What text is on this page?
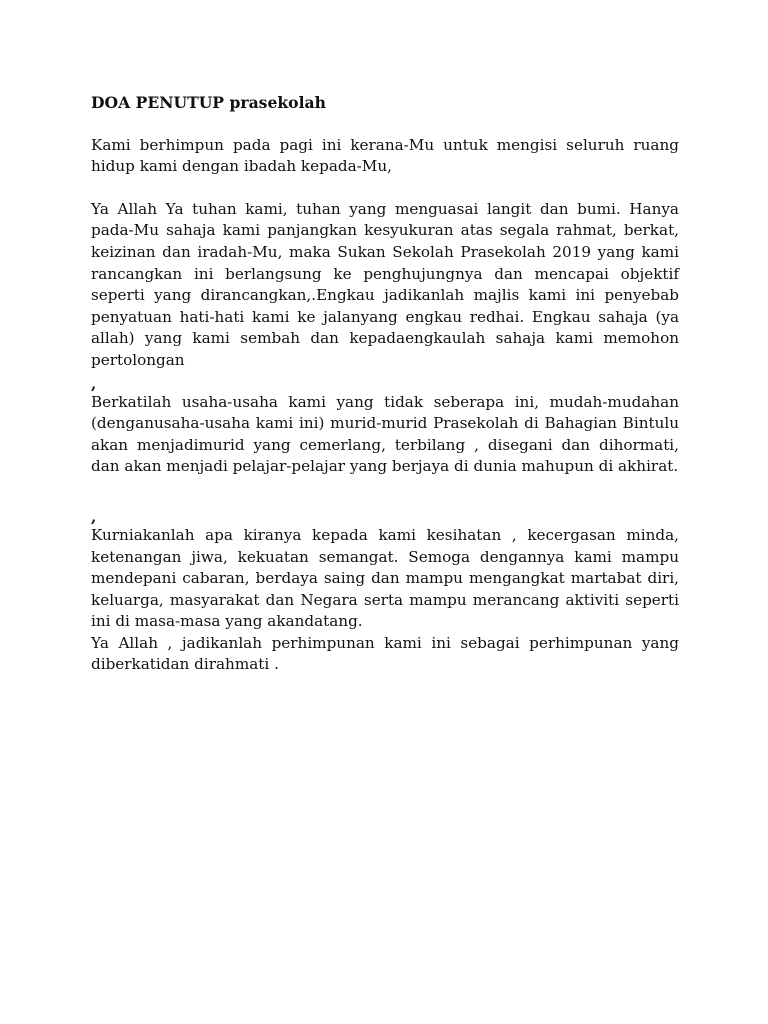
DOA PENUTUP prasekolah

Kami berhimpun pada pagi ini kerana-Mu untuk mengisi seluruh ruang hidup kami dengan ibadah kepada-Mu,

Ya Allah Ya tuhan kami, tuhan yang menguasai langit dan bumi. Hanya pada-Mu sahaja kami panjangkan kesyukuran atas segala rahmat, berkat, keizinan dan iradah-Mu, maka Sukan Sekolah Prasekolah 2019 yang kami rancangkan ini berlangsung ke penghujungnya dan mencapai objektif seperti yang dirancangkan,.Engkau jadikanlah majlis kami ini penyebab penyatuan hati-hati kami ke jalanyang engkau redhai. Engkau sahaja (ya allah) yang kami sembah dan kepadaengkaulah sahaja kami memohon pertolongan

,

Berkatilah usaha-usaha kami yang tidak seberapa ini, mudah-mudahan (denganusaha-usaha kami ini) murid-murid Prasekolah di Bahagian Bintulu akan menjadimurid yang cemerlang, terbilang , disegani dan dihormati, dan akan menjadi pelajar-pelajar yang berjaya di dunia mahupun di akhirat.

,

Kurniakanlah apa kiranya kepada kami kesihatan , kecergasan minda, ketenangan jiwa, kekuatan semangat. Semoga dengannya kami mampu mendepani cabaran, berdaya saing dan mampu mengangkat martabat diri, keluarga, masyarakat dan Negara serta mampu merancang aktiviti seperti ini di masa-masa yang akandatang.

Ya Allah , jadikanlah perhimpunan kami ini sebagai perhimpunan yang diberkatidan dirahmati .
